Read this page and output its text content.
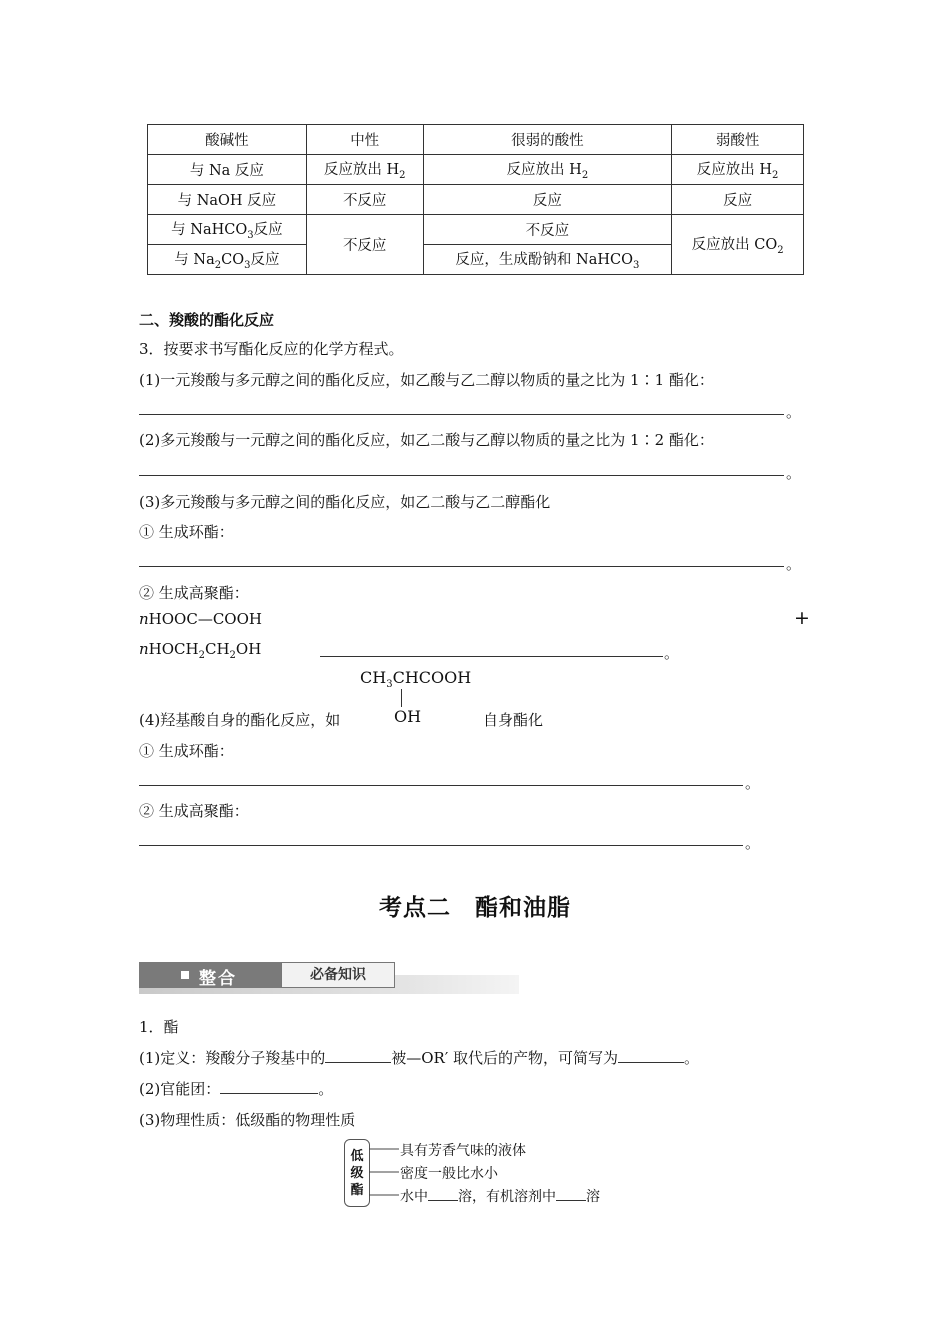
酸碱性	中性	很弱的酸性	弱酸性
与 Na 反应	反应放出 $H_2$	反应放出 $H_2$	反应放出 $H_2$
与 NaOH 反应	不反应	反应	反应
与 NaHCO$_3$反应	不反应	不反应	反应放出 $CO_2$
与 $Na_2CO_3$反应		反应，生成酚钠和 NaHCO$_3$
二、羧酸的酯化反应
3．按要求书写酯化反应的化学方程式。
(1)一元羧酸与多元醇之间的酯化反应，如乙酸与乙二醇以物质的量之比为 1∶1 酯化：
。
(2)多元羧酸与一元醇之间的酯化反应，如乙二酸与乙醇以物质的量之比为 1∶2 酯化：
。
(3)多元羧酸与多元醇之间的酯化反应，如乙二酸与乙二醇酯化
① 生成环酯：
。
② 生成高聚酯：
nHOOC—COOH	+
$nHOCH_2CH_2OH$	。
$CH_3CHCOOH$
OH
(4)羟基酸自身的酯化反应，如	自身酯化
① 生成环酯：
。
② 生成高聚酯：
。
考点二　酯和油脂
整合	必备知识
1．酯
(1)定义：羧酸分子羧基中的	被—OR′ 取代后的产物，可简写为	。
(2)官能团：	。
(3)物理性质：低级酯的物理性质
低
级
酯
具有芳香气味的液体
密度一般比水小
水中 溶，有机溶剂中 溶
